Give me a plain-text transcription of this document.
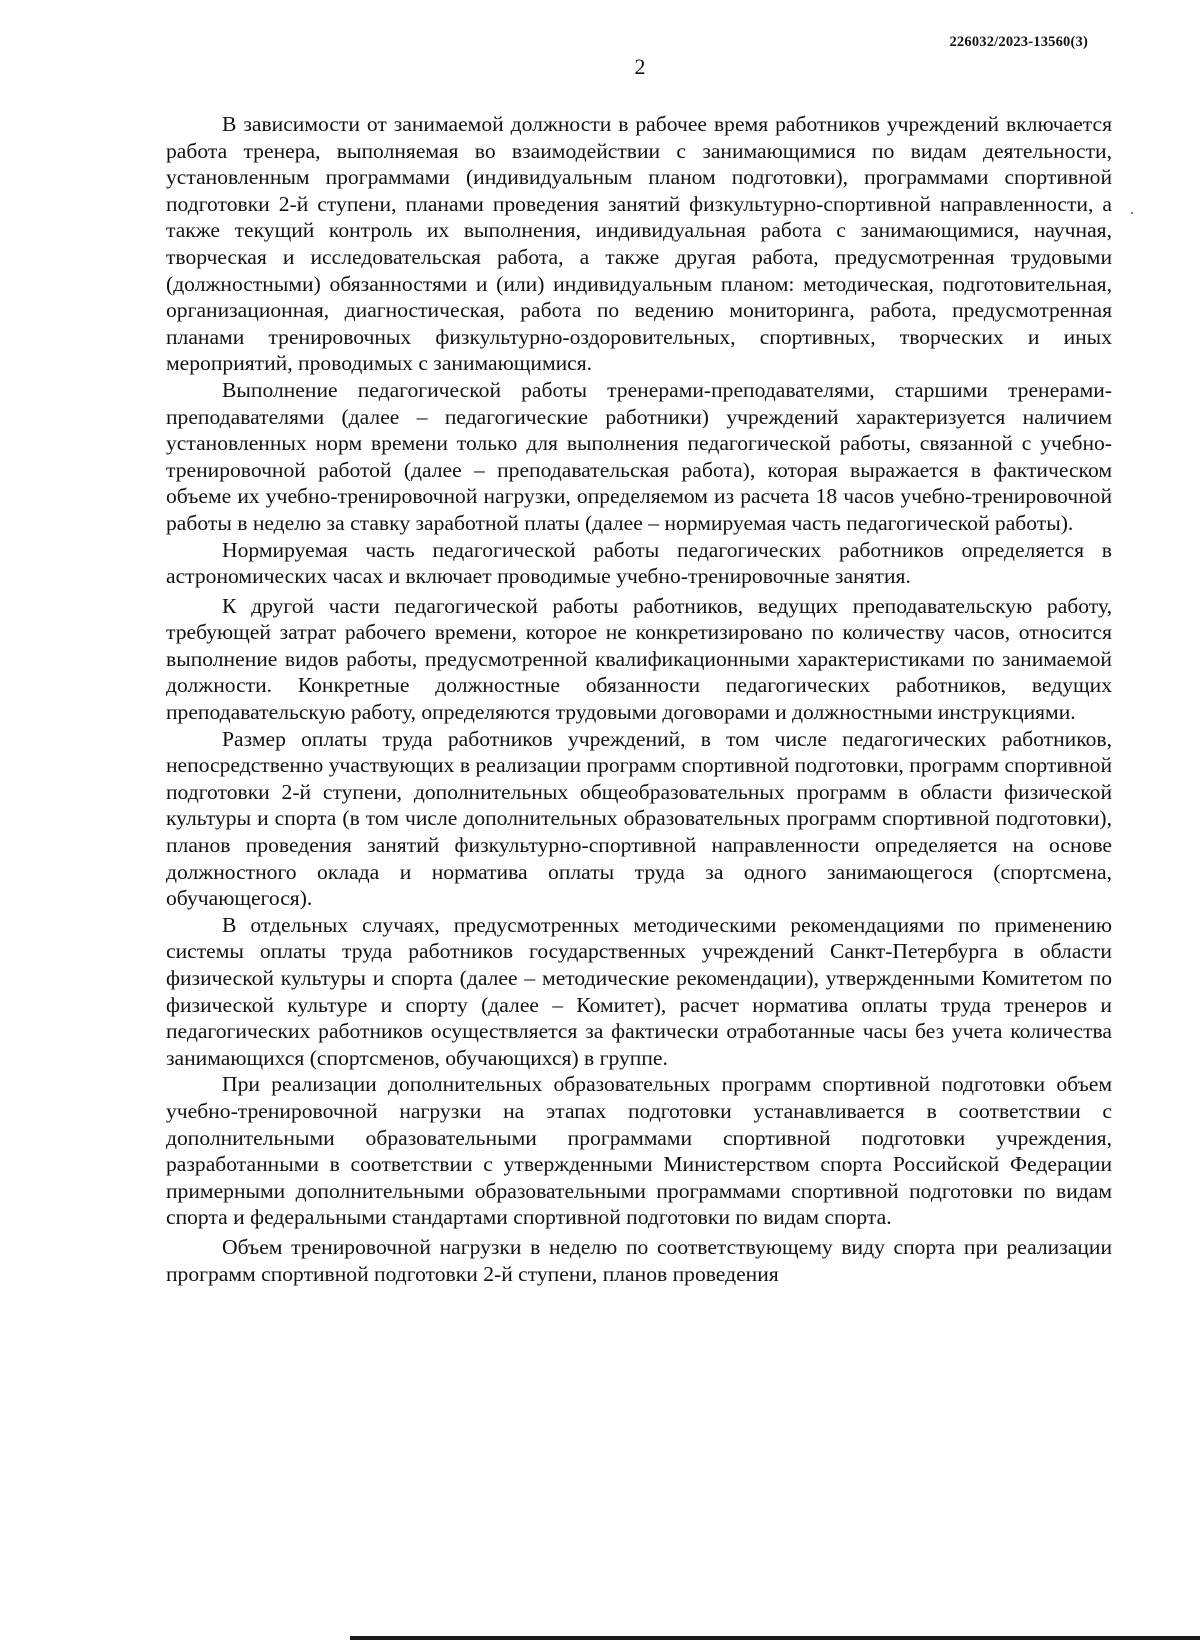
226032/2023-13560(3)
2

В зависимости от занимаемой должности в рабочее время работников учреждений включается работа тренера, выполняемая во взаимодействии с занимающимися по видам деятельности, установленным программами (индивидуальным планом подготовки), программами спортивной подготовки 2-й ступени, планами проведения занятий физкультурно-спортивной направленности, а также текущий контроль их выполнения, индивидуальная работа с занимающимися, научная, творческая и исследовательская работа, а также другая работа, предусмотренная трудовыми (должностными) обязанностями и (или) индивидуальным планом: методическая, подготовительная, организационная, диагностическая, работа по ведению мониторинга, работа, предусмотренная планами тренировочных физкультурно-оздоровительных, спортивных, творческих и иных мероприятий, проводимых с занимающимися.

Выполнение педагогической работы тренерами-преподавателями, старшими тренерами-преподавателями (далее – педагогические работники) учреждений характеризуется наличием установленных норм времени только для выполнения педагогической работы, связанной с учебно-тренировочной работой (далее – преподавательская работа), которая выражается в фактическом объеме их учебно-тренировочной нагрузки, определяемом из расчета 18 часов учебно-тренировочной работы в неделю за ставку заработной платы (далее – нормируемая часть педагогической работы).

Нормируемая часть педагогической работы педагогических работников определяется в астрономических часах и включает проводимые учебно-тренировочные занятия.

К другой части педагогической работы работников, ведущих преподавательскую работу, требующей затрат рабочего времени, которое не конкретизировано по количеству часов, относится выполнение видов работы, предусмотренной квалификационными характеристиками по занимаемой должности. Конкретные должностные обязанности педагогических работников, ведущих преподавательскую работу, определяются трудовыми договорами и должностными инструкциями.

Размер оплаты труда работников учреждений, в том числе педагогических работников, непосредственно участвующих в реализации программ спортивной подготовки, программ спортивной подготовки 2-й ступени, дополнительных общеобразовательных программ в области физической культуры и спорта (в том числе дополнительных образовательных программ спортивной подготовки), планов проведения занятий физкультурно-спортивной направленности определяется на основе должностного оклада и норматива оплаты труда за одного занимающегося (спортсмена, обучающегося).

В отдельных случаях, предусмотренных методическими рекомендациями по применению системы оплаты труда работников государственных учреждений Санкт-Петербурга в области физической культуры и спорта (далее – методические рекомендации), утвержденными Комитетом по физической культуре и спорту (далее – Комитет), расчет норматива оплаты труда тренеров и педагогических работников осуществляется за фактически отработанные часы без учета количества занимающихся (спортсменов, обучающихся) в группе.

При реализации дополнительных образовательных программ спортивной подготовки объем учебно-тренировочной нагрузки на этапах подготовки устанавливается в соответствии с дополнительными образовательными программами спортивной подготовки учреждения, разработанными в соответствии с утвержденными Министерством спорта Российской Федерации примерными дополнительными образовательными программами спортивной подготовки по видам спорта и федеральными стандартами спортивной подготовки по видам спорта.

Объем тренировочной нагрузки в неделю по соответствующему виду спорта при реализации программ спортивной подготовки 2-й ступени, планов проведения
